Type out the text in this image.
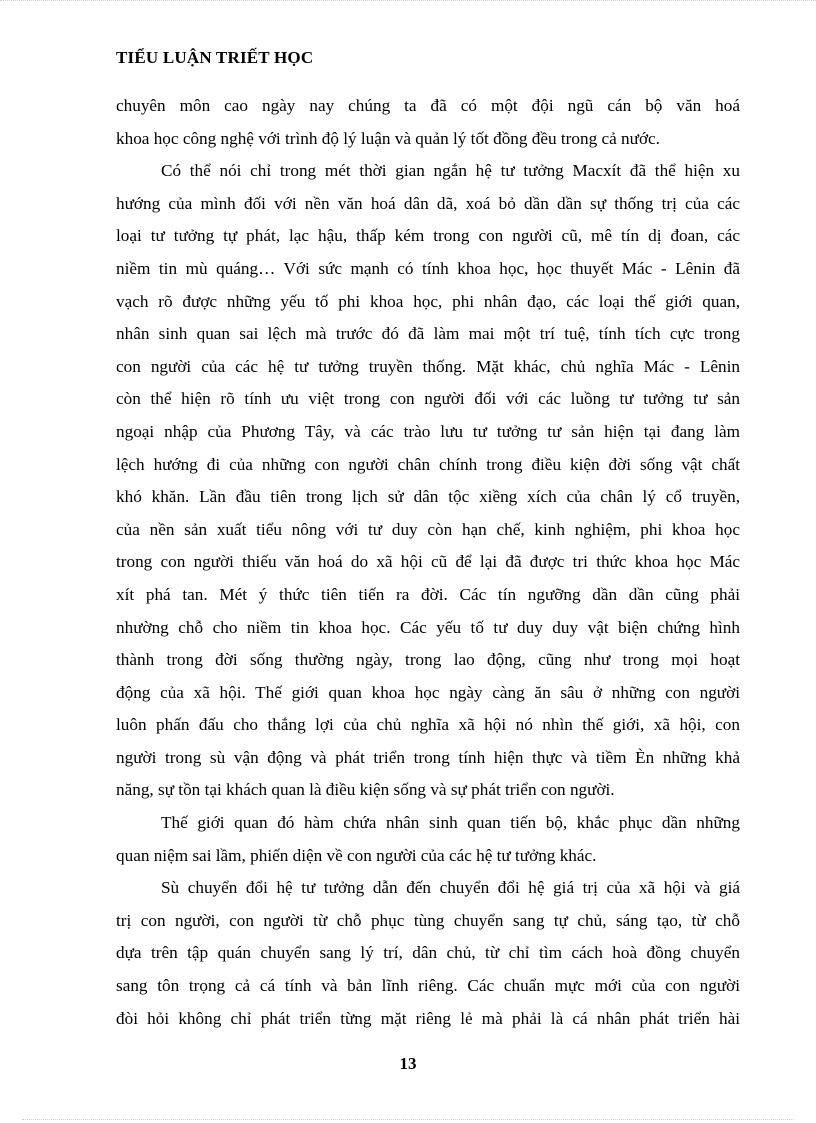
TIỂU LUẬN TRIẾT HỌC
chuyên môn cao ngày nay chúng ta đã có một đội ngũ cán bộ văn hoá
khoa học công nghệ với trình độ lý luận và quản lý tốt đồng đều trong cả nước.
Có thể nói chỉ trong mét thời gian ngắn hệ tư tưởng Macxít đã thể hiện xu
hướng của mình đối với nền văn hoá dân dã, xoá bỏ dần dần sự thống trị của các
loại tư tưởng tự phát, lạc hậu, thấp kém trong con người cũ, mê tín dị đoan, các
niềm tin mù quáng… Với sức mạnh có tính khoa học, học thuyết Mác - Lênin đã
vạch rõ được những yếu tố phi khoa học, phi nhân đạo, các loại thế giới quan,
nhân sinh quan sai lệch mà trước đó đã làm mai một trí tuệ, tính tích cực trong
con người của các hệ tư tưởng truyền thống. Mặt khác, chủ nghĩa Mác - Lênin
còn thể hiện rõ tính ưu việt trong con người đối với các luồng tư tưởng tư sản
ngoại nhập của Phương Tây, và các trào lưu tư tưởng tư sản hiện tại đang làm
lệch hướng đi của những con người chân chính trong điều kiện đời sống vật chất
khó khăn. Lần đầu tiên trong lịch sử dân tộc xiềng xích của chân lý cổ truyền,
của nền sản xuất tiểu nông với tư duy còn hạn chế, kinh nghiệm, phi khoa học
trong con người thiếu văn hoá do xã hội cũ để lại đã được tri thức khoa học Mác
xít phá tan. Mét ý thức tiên tiến ra đời. Các tín ngưỡng dần dần cũng phải
nhường chỗ cho niềm tin khoa học. Các yếu tố tư duy duy vật biện chứng hình
thành trong đời sống thường ngày, trong lao động, cũng như trong mọi hoạt
động của xã hội. Thế giới quan khoa học ngày càng ăn sâu ở những con người
luôn phấn đấu cho thắng lợi của chủ nghĩa xã hội nó nhìn thế giới, xã hội, con
người trong sù vận động và phát triển trong tính hiện thực và tiềm Èn những khả
năng, sự tồn tại khách quan là điều kiện sống và sự phát triển con người.
Thế giới quan đó hàm chứa nhân sinh quan tiến bộ, khắc phục dần những
quan niệm sai lầm, phiến diện về con người của các hệ tư tưởng khác.
Sù chuyển đổi hệ tư tưởng dẫn đến chuyển đổi hệ giá trị của xã hội và giá
trị con người, con người từ chỗ phục tùng chuyển sang tự chủ, sáng tạo, từ chỗ
dựa trên tập quán chuyển sang lý trí, dân chủ, từ chỉ tìm cách hoà đồng chuyển
sang tôn trọng cả cá tính và bản lĩnh riêng. Các chuẩn mực mới của con người
đòi hỏi không chỉ phát triển từng mặt riêng lẻ mà phải là cá nhân phát triển hài
13
